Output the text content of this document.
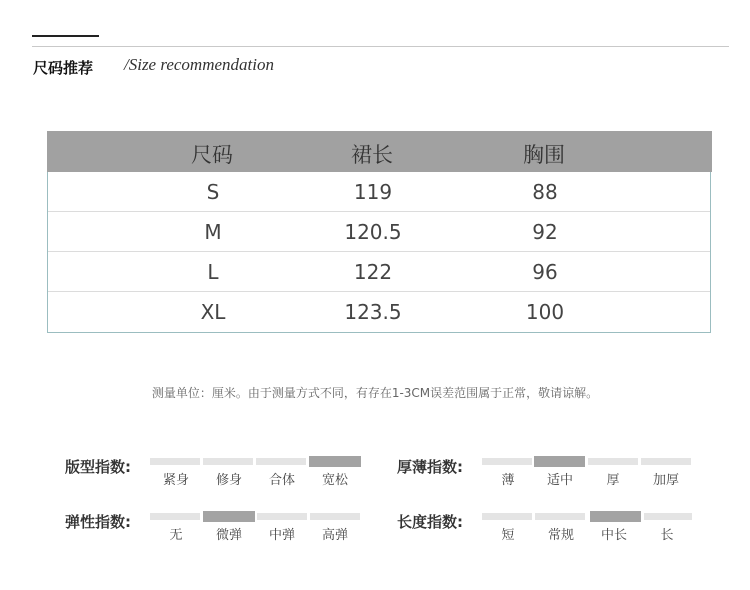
尺码推荐 /Size recommendation
尺码	裙长	胸围
S	119	88
M	120.5	92
L	122	96
XL	123.5	100
测量单位：厘米。由于测量方式不同，有存在1-3CM误差范围属于正常，敬请谅解。
版型指数:
紧身	修身	合体	宽松
厚薄指数:
薄	适中	厚	加厚
弹性指数:
无	微弹	中弹	高弹
长度指数:
短	常规	中长	长
